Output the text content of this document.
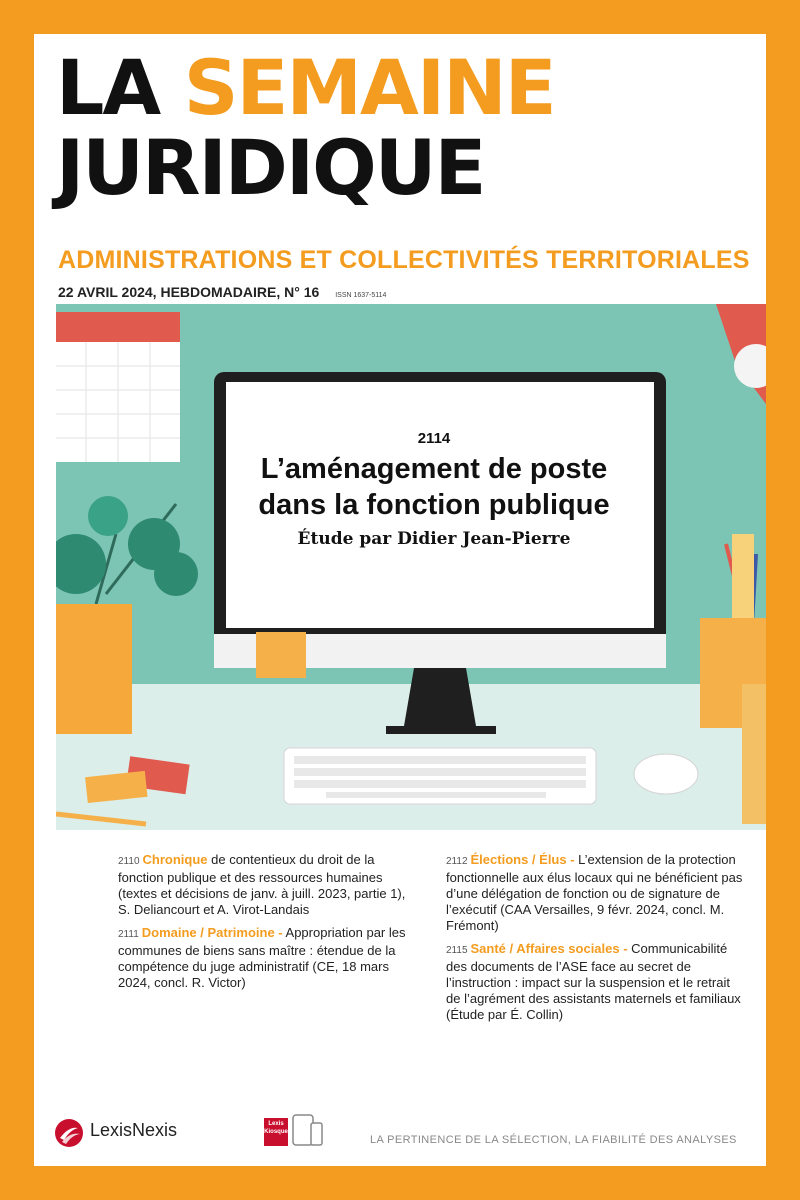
LA SEMAINE
JURIDIQUE
ADMINISTRATIONS ET COLLECTIVITÉS TERRITORIALES
22 AVRIL 2024, HEBDOMADAIRE, N° 16 ISSN 1637-5114
2114
L’aménagement de poste dans la fonction publique
Étude par Didier Jean-Pierre
2110 Chronique de contentieux du droit de la fonction publique et des ressources humaines (textes et décisions de janv. à juill. 2023, partie 1), S. Deliancourt et A. Virot-Landais
2111 Domaine / Patrimoine - Appropriation par les communes de biens sans maître : étendue de la compétence du juge administratif (CE, 18 mars 2024, concl. R. Victor)
2112 Élections / Élus - L’extension de la protection fonctionnelle aux élus locaux qui ne bénéficient pas d’une délégation de fonction ou de signature de l’exécutif (CAA Versailles, 9 févr. 2024, concl. M. Frémont)
2115 Santé / Affaires sociales - Communicabilité des documents de l’ASE face au secret de l’instruction : impact sur la suspension et le retrait de l’agrément des assistants maternels et familiaux (Étude par É. Collin)
LexisNexis	Lexis
Kiosque
LA PERTINENCE DE LA SÉLECTION, LA FIABILITÉ DES ANALYSES
